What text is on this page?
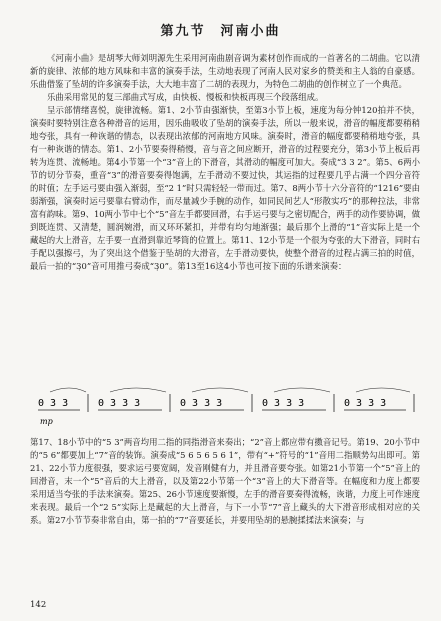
第九节　河南小曲

《河南小曲》是胡琴大师刘明源先生采用河南曲剧音调为素材创作而成的一首著名的二胡曲。它以清新的旋律、浓郁的地方风味和丰富的演奏手法，生动地表现了河南人民对家乡的赞美和主人翁的自豪感。乐曲借鉴了坠胡的许多演奏手法，大大地丰富了二胡的表现力，为特色二胡曲的创作树立了一个典范。

乐曲采用常见的复三部曲式写成，由快板、慢板和快板再现三个段落组成。

呈示部情绪喜悦，旋律流畅。第1、2小节由强渐快，至第3小节上板，速度为每分钟120拍并不快，演奏时要特别注意各种滑音的运用，因乐曲吸收了坠胡的演奏手法，所以一般来说，滑音的幅度都要稍稍地夸张，具有一种诙谐的情态，以表现出浓郁的河南地方风味。演奏时，滑音的幅度都要稍稍地夸张，具有一种诙谐的情态。第1、2小节要奏得稍慢，音与音之间应断开，滑音的过程要充分，第3小节上板后再转为连贯、流畅地。第4小节第一个“3”音上的下滑音，其滑动的幅度可加大。奏成“3̇ 3 2”。第5、6两小节的切分节奏，重音“3”的滑音要奏得饱满，左手滑动不要过快，其运指的过程要几乎占满一个四分音符的时值；左手运弓要由强入渐弱，至“2 1”时只需轻轻一带而过。第7、8两小节十六分音符的“1216”要由弱渐强，演奏时运弓要靠右臂动作，而尽量减少手腕的动作，如同民间艺人“形散实巧”的那种拉法，非常富有韵味。第9、10两小节中七个“5”音左手都要回滑，右手运弓要与之密切配合，两手的动作要协调，做到既连贯、又清楚，圆润婉滑，而又环环紧扣，并带有均匀地渐强；最后那个上滑的“1”音实际上是一个藏起的大上滑音，左手要一直滑到靠近琴筒的位置上。第11、12小节是一个很为夸张的大下滑音，同时右手配以强擦弓，为了突出这个借鉴于坠胡的大滑音，左手滑动要快，使整个滑音的过程占满三拍的时值，最后一拍的“3̣0”音可用推弓奏成“3̣0”。第13至16这4小节也可按下面的乐谱来演奏：

0 3 3	0 3 3 3	0 3 3 3	0 3 3 3	0 3 3 3
mp

第17、18小节中的“5 3”两音均用二指的同指滑音来奏出；“2”音上都应带有擞音记号。第19、20小节中的“5 6”都要加上“7”音的装饰。演奏成“5 6 5 6 5 6 1”，带有“+”符号的“1”音用二指顺势勾出即可。第21、22小节力度很强，要求运弓要宽阔，发音刚健有力，并且滑音要夸张。如第21小节第一个“5”音上的回滑音，末一个“5”音后的大上滑音，以及第22小节第一个“3”音上的大下滑音等。在幅度和力度上都要采用适当夸张的手法来演奏。第25、26小节速度要渐慢，左手的滑音要奏得流畅，诙谐，力度上可作速度来表现。最后一个“2 5”实际上是藏起的大上滑音，与下一小节“7”音上藏头的大下滑音形成相对应的关系。第27小节节奏非常自由，第一拍的“7”音要延长，并要用坠胡的悬腕揉揉法来演奏；与

142
